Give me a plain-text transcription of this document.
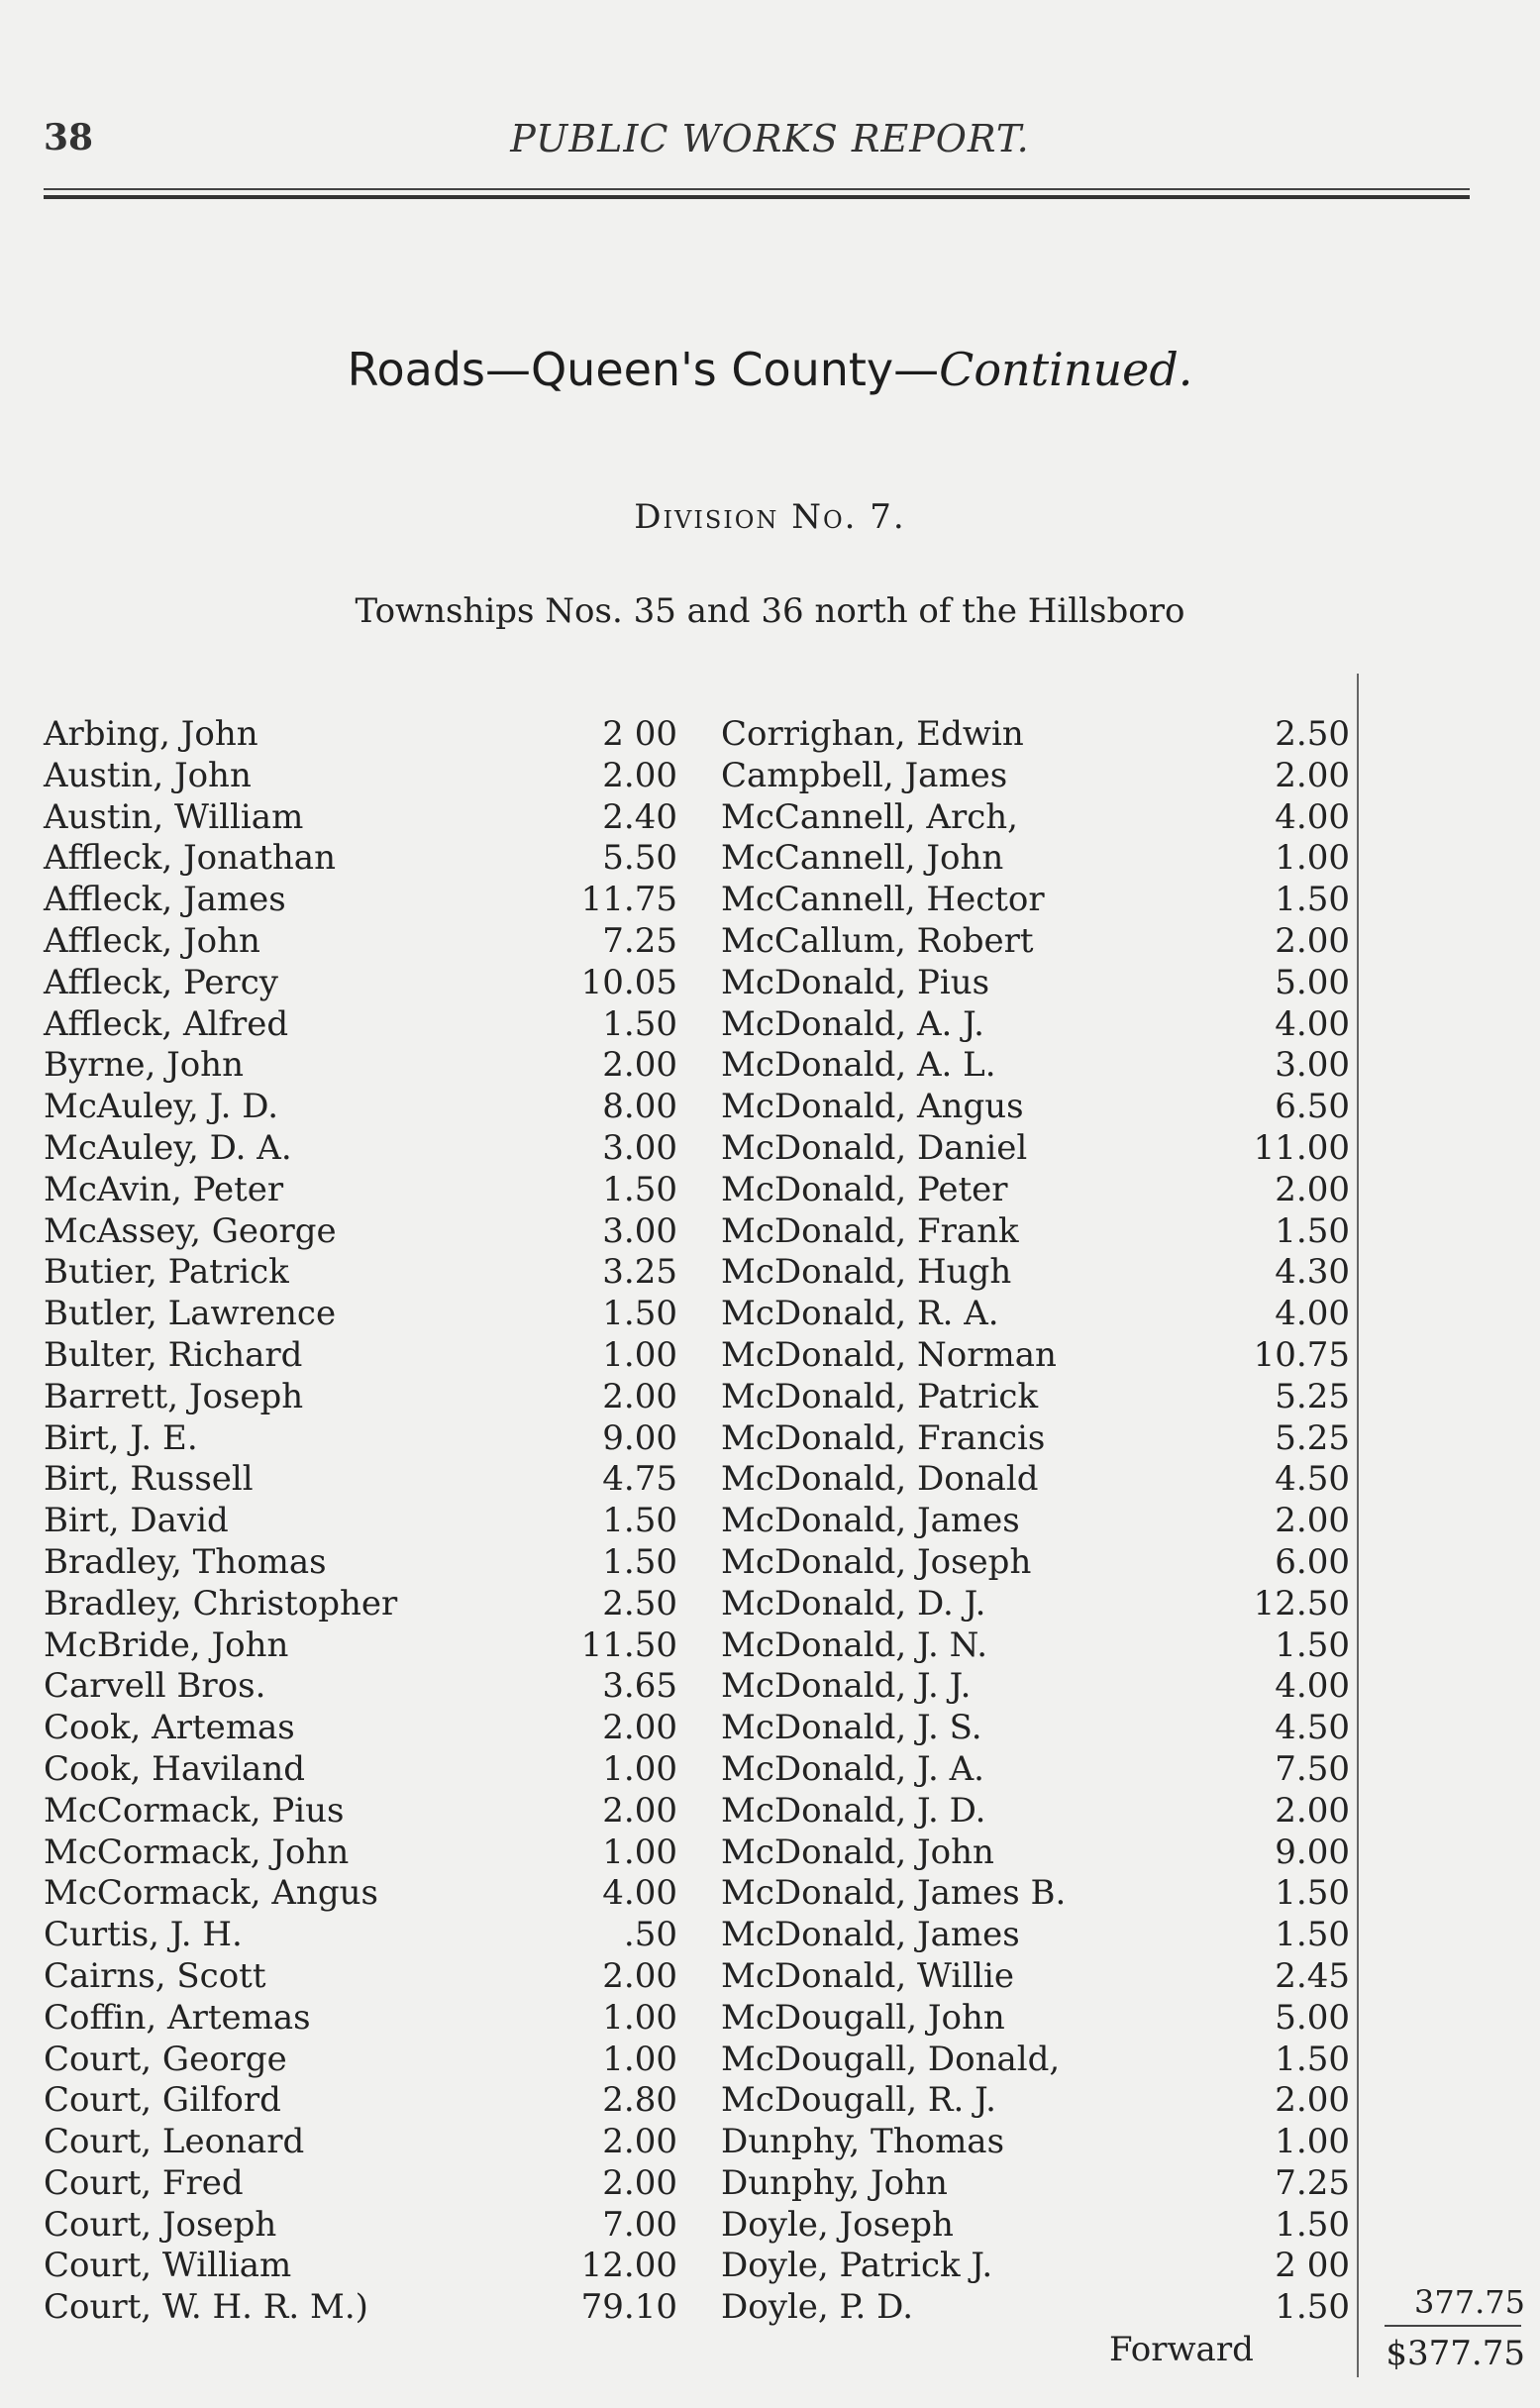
38	PUBLIC WORKS REPORT.
Roads—Queen's County—Continued.
Division No. 7.
Townships Nos. 35 and 36 north of the Hillsboro
Arbing, John	2 00
Austin, John	2.00
Austin, William	2.40
Affleck, Jonathan	5.50
Affleck, James	11.75
Affleck, John	7.25
Affleck, Percy	10.05
Affleck, Alfred	1.50
Byrne, John	2.00
McAuley, J. D.	8.00
McAuley, D. A.	3.00
McAvin, Peter	1.50
McAssey, George	3.00
Butier, Patrick	3.25
Butler, Lawrence	1.50
Bulter, Richard	1.00
Barrett, Joseph	2.00
Birt, J. E.	9.00
Birt, Russell	4.75
Birt, David	1.50
Bradley, Thomas	1.50
Bradley, Christopher	2.50
McBride, John	11.50
Carvell Bros.	3.65
Cook, Artemas	2.00
Cook, Haviland	1.00
McCormack, Pius	2.00
McCormack, John	1.00
McCormack, Angus	4.00
Curtis, J. H.	.50
Cairns, Scott	2.00
Coffin, Artemas	1.00
Court, George	1.00
Court, Gilford	2.80
Court, Leonard	2.00
Court, Fred	2.00
Court, Joseph	7.00
Court, William	12.00
Court, W. H. R. M.)	79.10
Corrighan, Edwin	2.50
Campbell, James	2.00
McCannell, Arch,	4.00
McCannell, John	1.00
McCannell, Hector	1.50
McCallum, Robert	2.00
McDonald, Pius	5.00
McDonald, A. J.	4.00
McDonald, A. L.	3.00
McDonald, Angus	6.50
McDonald, Daniel	11.00
McDonald, Peter	2.00
McDonald, Frank	1.50
McDonald, Hugh	4.30
McDonald, R. A.	4.00
McDonald, Norman	10.75
McDonald, Patrick	5.25
McDonald, Francis	5.25
McDonald, Donald	4.50
McDonald, James	2.00
McDonald, Joseph	6.00
McDonald, D. J.	12.50
McDonald, J. N.	1.50
McDonald, J. J.	4.00
McDonald, J. S.	4.50
McDonald, J. A.	7.50
McDonald, J. D.	2.00
McDonald, John	9.00
McDonald, James B.	1.50
McDonald, James	1.50
McDonald, Willie	2.45
McDougall, John	5.00
McDougall, Donald,	1.50
McDougall, R. J.	2.00
Dunphy, Thomas	1.00
Dunphy, John	7.25
Doyle, Joseph	1.50
Doyle, Patrick J.	2 00
Doyle, P. D.	1.50	377.75
Forward	$377.75
